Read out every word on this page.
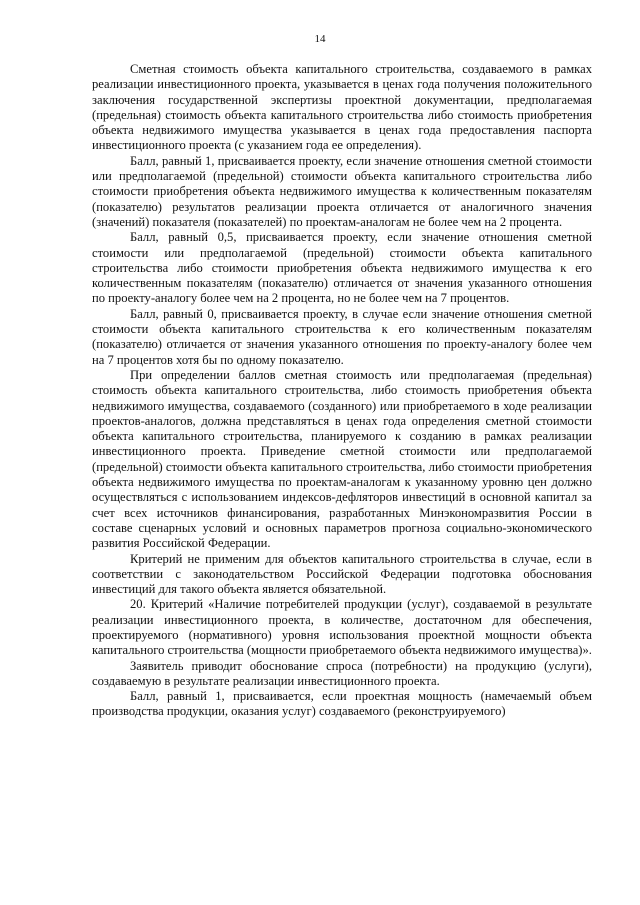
14

Сметная стоимость объекта капитального строительства, создаваемого в рамках реализации инвестиционного проекта, указывается в ценах года получения положительного заключения государственной экспертизы проектной документации, предполагаемая (предельная) стоимость объекта капитального строительства либо стоимость приобретения объекта недвижимого имущества указывается в ценах года предоставления паспорта инвестиционного проекта (с указанием года ее определения).

Балл, равный 1, присваивается проекту, если значение отношения сметной стоимости или предполагаемой (предельной) стоимости объекта капитального строительства либо стоимости приобретения объекта недвижимого имущества к количественным показателям (показателю) результатов реализации проекта отличается от аналогичного значения (значений) показателя (показателей) по проектам-аналогам не более чем на 2 процента.

Балл, равный 0,5, присваивается проекту, если значение отношения сметной стоимости или предполагаемой (предельной) стоимости объекта капитального строительства либо стоимости приобретения объекта недвижимого имущества к его количественным показателям (показателю) отличается от значения указанного отношения по проекту-аналогу более чем на 2 процента, но не более чем на 7 процентов.

Балл, равный 0, присваивается проекту, в случае если значение отношения сметной стоимости объекта капитального строительства к его количественным показателям (показателю) отличается от значения указанного отношения по проекту-аналогу более чем на 7 процентов хотя бы по одному показателю.

При определении баллов сметная стоимость или предполагаемая (предельная) стоимость объекта капитального строительства, либо стоимость приобретения объекта недвижимого имущества, создаваемого (созданного) или приобретаемого в ходе реализации проектов-аналогов, должна представляться в ценах года определения сметной стоимости объекта капитального строительства, планируемого к созданию в рамках реализации инвестиционного проекта. Приведение сметной стоимости или предполагаемой (предельной) стоимости объекта капитального строительства, либо стоимости приобретения объекта недвижимого имущества по проектам-аналогам к указанному уровню цен должно осуществляться с использованием индексов-дефляторов инвестиций в основной капитал за счет всех источников финансирования, разработанных Минэкономразвития России в составе сценарных условий и основных параметров прогноза социально-экономического развития Российской Федерации.

Критерий не применим для объектов капитального строительства в случае, если в соответствии с законодательством Российской Федерации подготовка обоснования инвестиций для такого объекта является обязательной.

20. Критерий «Наличие потребителей продукции (услуг), создаваемой в результате реализации инвестиционного проекта, в количестве, достаточном для обеспечения, проектируемого (нормативного) уровня использования проектной мощности объекта капитального строительства (мощности приобретаемого объекта недвижимого имущества)».

Заявитель приводит обоснование спроса (потребности) на продукцию (услуги), создаваемую в результате реализации инвестиционного проекта.

Балл, равный 1, присваивается, если проектная мощность (намечаемый объем производства продукции, оказания услуг) создаваемого (реконструируемого)
